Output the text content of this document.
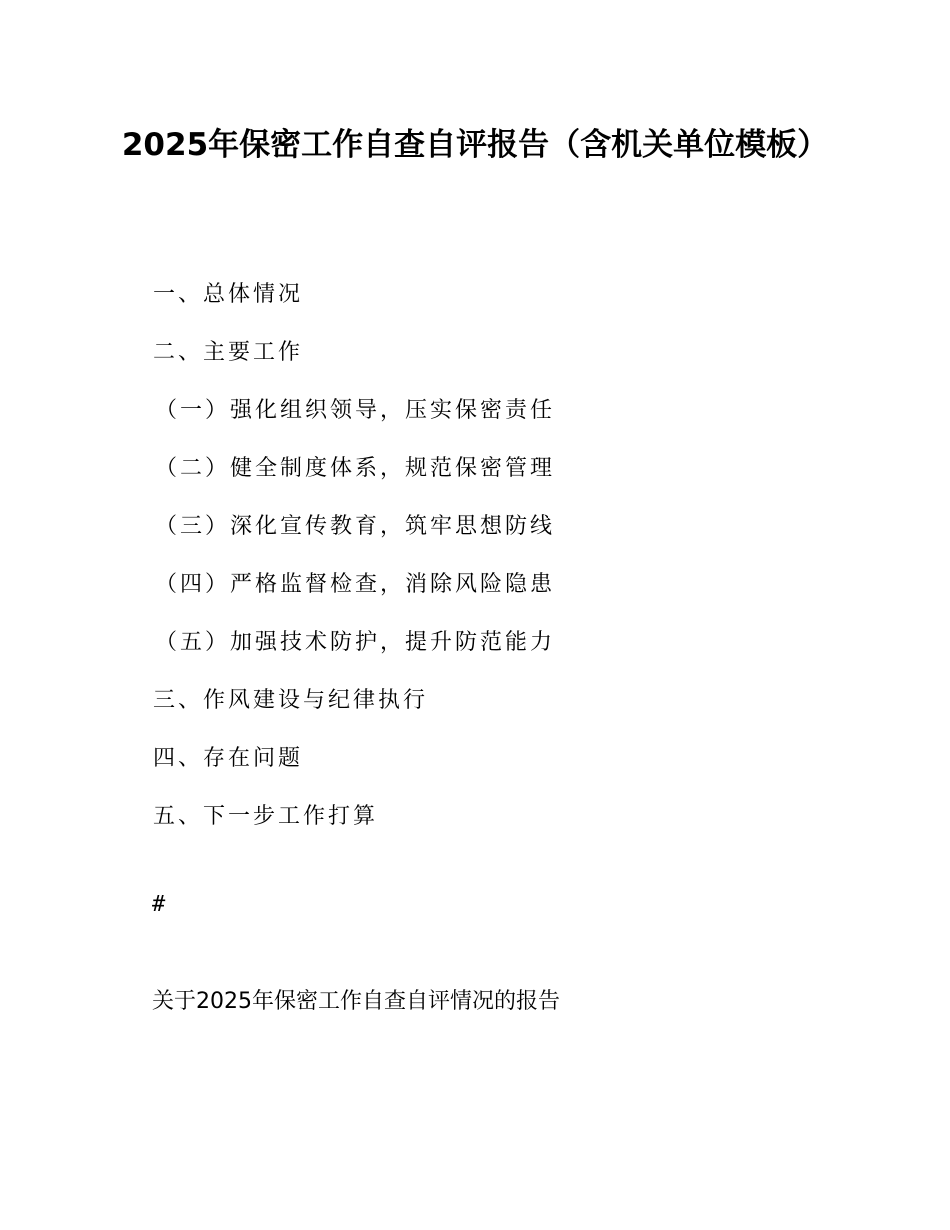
2025年保密工作自查自评报告（含机关单位模板）
一、总体情况
二、主要工作
（一）强化组织领导，压实保密责任
（二）健全制度体系，规范保密管理
（三）深化宣传教育，筑牢思想防线
（四）严格监督检查，消除风险隐患
（五）加强技术防护，提升防范能力
三、作风建设与纪律执行
四、存在问题
五、下一步工作打算
#
关于2025年保密工作自查自评情况的报告
